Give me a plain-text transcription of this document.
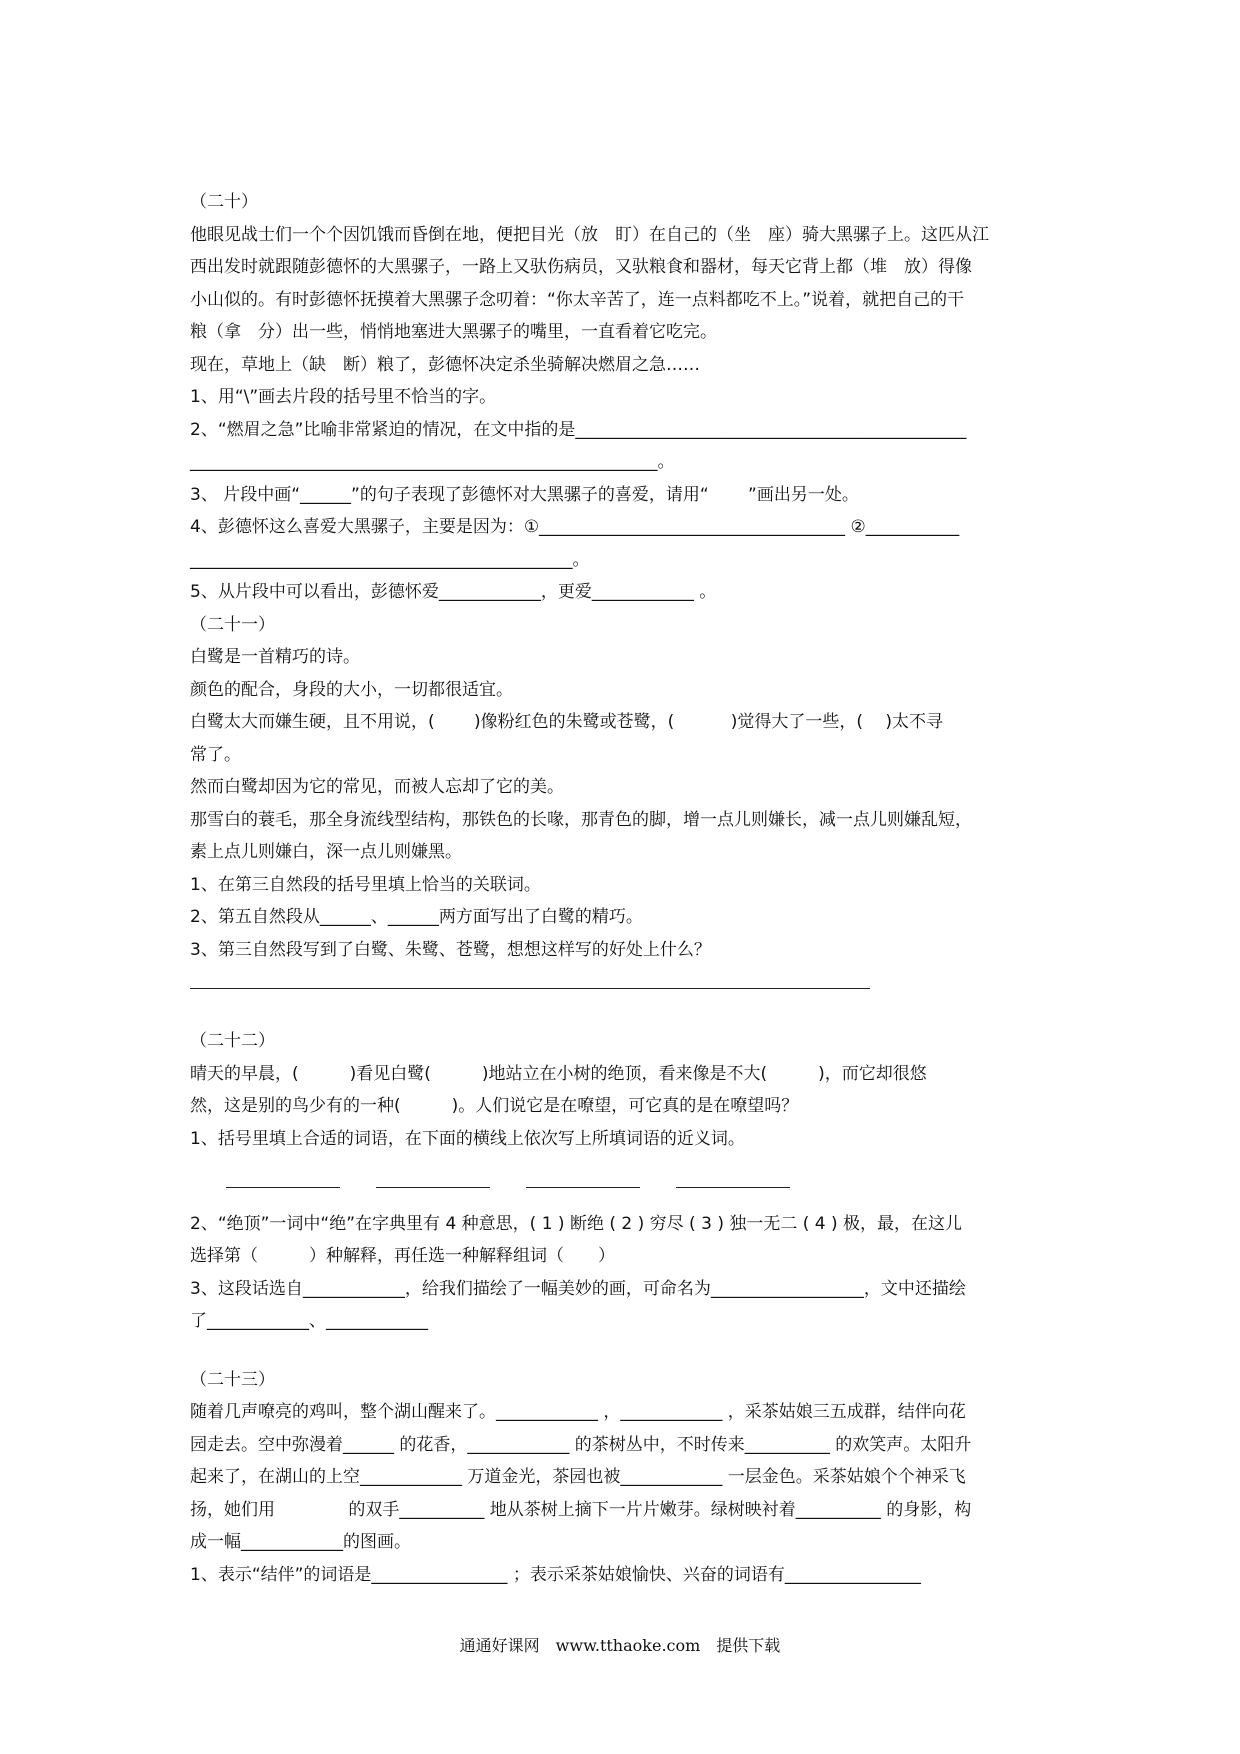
（二十）
他眼见战士们一个个因饥饿而昏倒在地，便把目光（放　盯）在自己的（坐　座）骑大黑骡子上。这匹从江
西出发时就跟随彭德怀的大黑骡子，一路上又驮伤病员，又驮粮食和器材，每天它背上都（堆　放）得像
小山似的。有时彭德怀抚摸着大黑骡子念叨着：“你太辛苦了，连一点料都吃不上。”说着，就把自己的干
粮（拿　分）出一些，悄悄地塞进大黑骡子的嘴里，一直看着它吃完。
现在，草地上（缺　断）粮了，彭德怀决定杀坐骑解决燃眉之急……
1、用“\”画去片段的括号里不恰当的字。
2、“燃眉之急”比喻非常紧迫的情况，在文中指的是______________________________________________
_______________________________________________________。
3、 片段中画“______”的句子表现了彭德怀对大黑骡子的喜爱，请用“　　 ”画出另一处。
4、彭德怀这么喜爱大黑骡子，主要是因为：①____________________________________ ②___________
_____________________________________________。
5、从片段中可以看出，彭德怀爱____________，更爱____________ 。
（二十一）
白鹭是一首精巧的诗。
颜色的配合，身段的大小，一切都很适宜。
白鹭太大而嫌生硬，且不用说，(　　 )像粉红色的朱鹭或苍鹭，(　　　 )觉得大了一些，(　 )太不寻
常了。
然而白鹭却因为它的常见，而被人忘却了它的美。
那雪白的蓑毛，那全身流线型结构，那铁色的长喙，那青色的脚，增一点儿则嫌长，减一点儿则嫌乱短，
素上点儿则嫌白，深一点儿则嫌黑。
1、在第三自然段的括号里填上恰当的关联词。
2、第五自然段从______、______两方面写出了白鹭的精巧。
3、第三自然段写到了白鹭、朱鹭、苍鹭，想想这样写的好处上什么？
（二十二）
晴天的早晨，(　　　)看见白鹭(　　　)地站立在小树的绝顶，看来像是不大(　　　)，而它却很悠
然，这是别的鸟少有的一种(　　　)。人们说它是在嘹望，可它真的是在嘹望吗？
1、括号里填上合适的词语，在下面的横线上依次写上所填词语的近义词。
2、“绝顶”一词中“绝”在字典里有 4 种意思，( 1 ) 断绝 ( 2 ) 穷尽 ( 3 ) 独一无二 ( 4 ) 极，最，在这儿
选择第（　　　）种解释，再任选一种解释组词（　　）
3、这段话选自____________，给我们描绘了一幅美妙的画，可命名为__________________，文中还描绘
了____________、____________
（二十三）
随着几声嘹亮的鸡叫，整个湖山醒来了。____________ ，____________ ，采茶姑娘三五成群，结伴向花
园走去。空中弥漫着______ 的花香，____________ 的茶树丛中，不时传来__________ 的欢笑声。太阳升
起来了，在湖山的上空____________ 万道金光，茶园也被____________ 一层金色。采茶姑娘个个神采飞
扬，她们用　　　　 的双手__________ 地从茶树上摘下一片片嫩芽。绿树映衬着__________ 的身影，构
成一幅____________的图画。
1、表示“结伴”的词语是________________ ；表示采茶姑娘愉快、兴奋的词语有________________
通通好课网　www.tthaoke.com　提供下载
